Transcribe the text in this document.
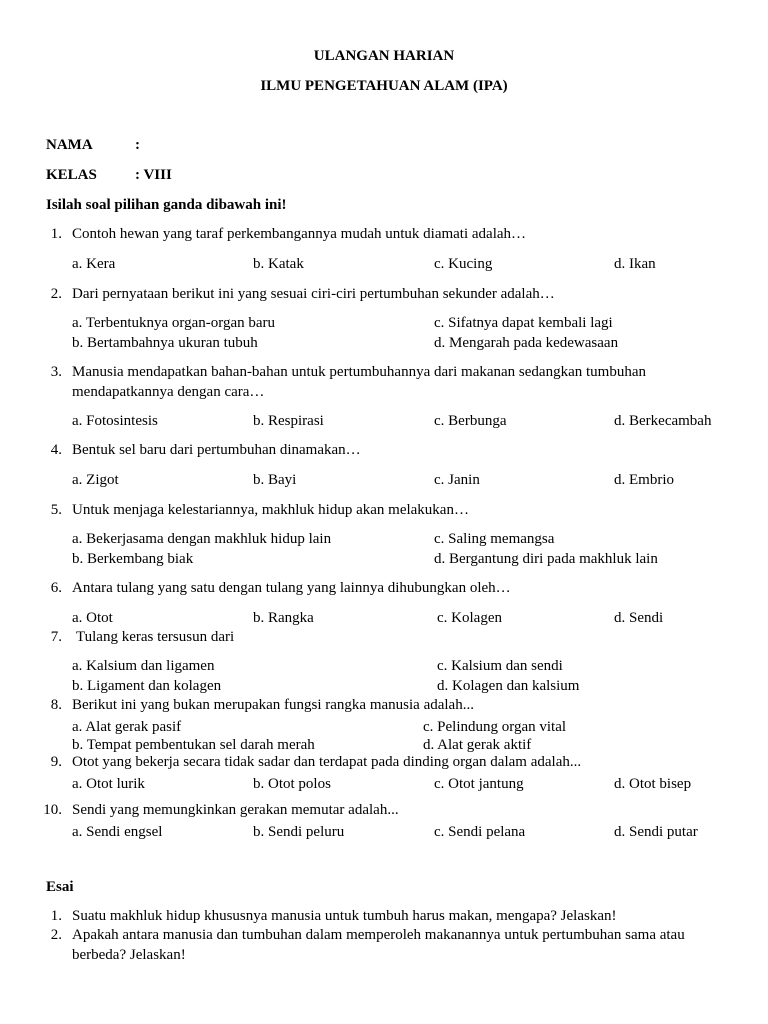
ULANGAN HARIAN
ILMU PENGETAHUAN ALAM (IPA)
NAMA	:
KELAS	: VIII
Isilah soal pilihan ganda dibawah ini!
1. Contoh hewan yang taraf perkembangannya mudah untuk diamati adalah…
a. Kera	b. Katak	c. Kucing	d. Ikan
2. Dari pernyataan berikut ini yang sesuai ciri-ciri pertumbuhan sekunder adalah…
a. Terbentuknya organ-organ baru
b. Bertambahnya ukuran tubuh
c. Sifatnya dapat kembali lagi
d. Mengarah pada kedewasaan
3. Manusia mendapatkan bahan-bahan untuk pertumbuhannya dari makanan sedangkan tumbuhan
mendapatkannya dengan cara…
a. Fotosintesis	b. Respirasi	c. Berbunga	d. Berkecambah
4. Bentuk sel baru dari pertumbuhan dinamakan…
a. Zigot	b. Bayi	c. Janin	d. Embrio
5. Untuk menjaga kelestariannya, makhluk hidup akan melakukan…
a. Bekerjasama dengan makhluk hidup lain
b. Berkembang biak
c. Saling memangsa
d. Bergantung diri pada makhluk lain
6. Antara tulang yang satu dengan tulang yang lainnya dihubungkan oleh…
a. Otot	b. Rangka	c. Kolagen	d. Sendi
7. Tulang keras tersusun dari
a. Kalsium dan ligamen
b. Ligament dan kolagen
c. Kalsium dan sendi
d. Kolagen dan kalsium
8. Berikut ini yang bukan merupakan fungsi rangka manusia adalah...
a. Alat gerak pasif
b. Tempat pembentukan sel darah merah
c. Pelindung organ vital
d. Alat gerak aktif
9. Otot yang bekerja secara tidak sadar dan terdapat pada dinding organ dalam adalah...
a. Otot lurik	b. Otot polos	c. Otot jantung	d. Otot bisep
10. Sendi yang memungkinkan gerakan memutar adalah...
a. Sendi engsel	b. Sendi peluru	c. Sendi pelana	d. Sendi putar
Esai
1. Suatu makhluk hidup khususnya manusia untuk tumbuh harus makan, mengapa? Jelaskan!
2. Apakah antara manusia dan tumbuhan dalam memperoleh makanannya untuk pertumbuhan sama atau
berbeda? Jelaskan!
